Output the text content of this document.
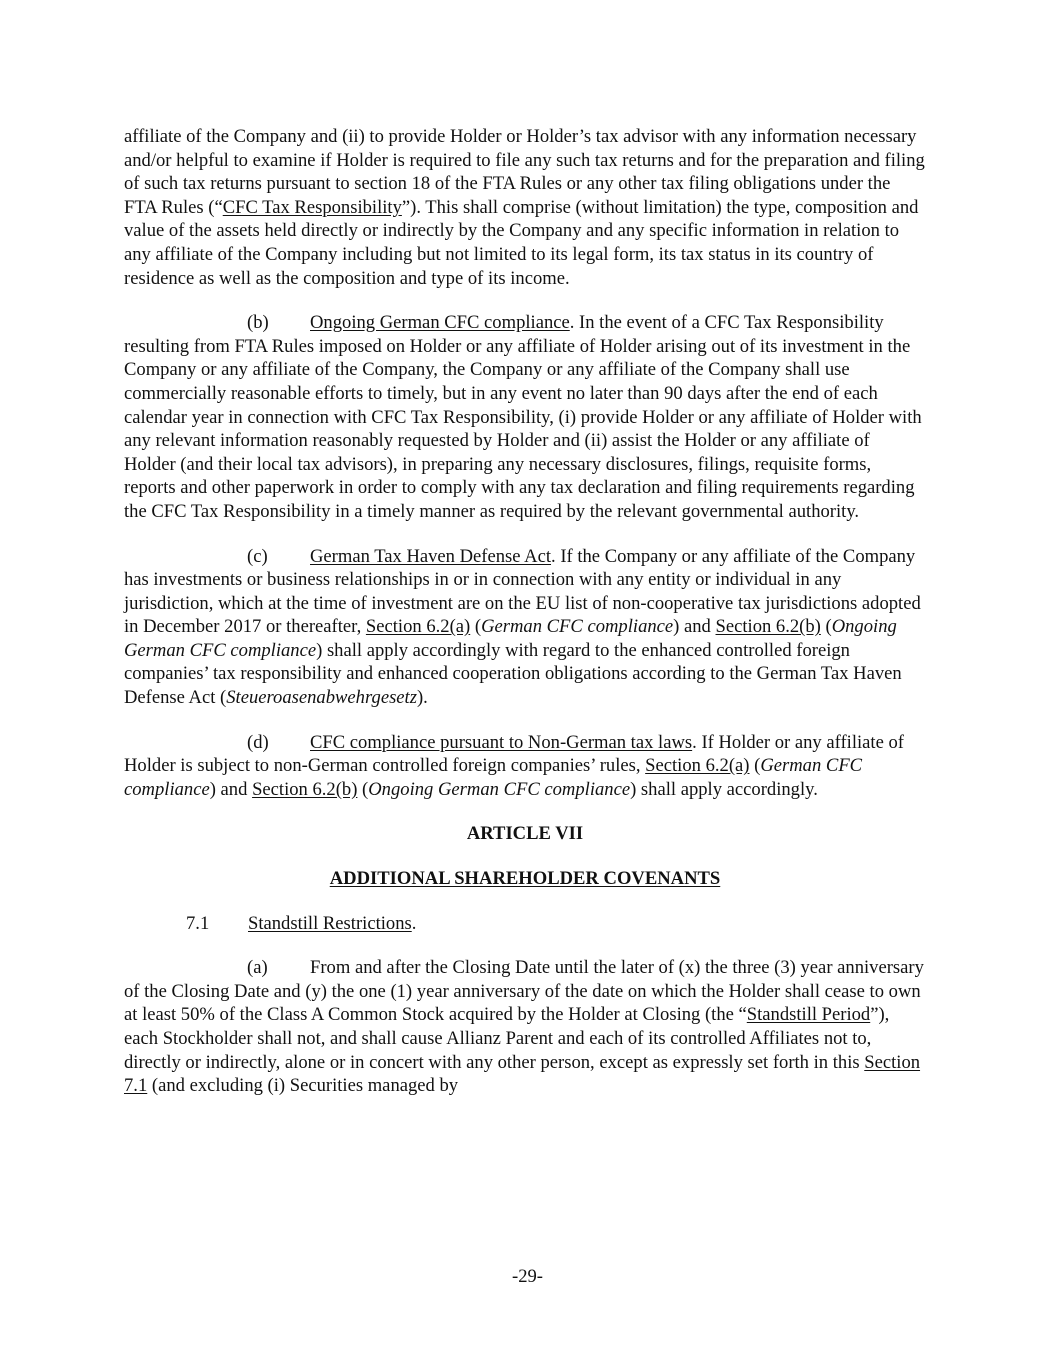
affiliate of the Company and (ii) to provide Holder or Holder’s tax advisor with any information necessary and/or helpful to examine if Holder is required to file any such tax returns and for the preparation and filing of such tax returns pursuant to section 18 of the FTA Rules or any other tax filing obligations under the FTA Rules (“CFC Tax Responsibility”). This shall comprise (without limitation) the type, composition and value of the assets held directly or indirectly by the Company and any specific information in relation to any affiliate of the Company including but not limited to its legal form, its tax status in its country of residence as well as the composition and type of its income.

(b) Ongoing German CFC compliance. In the event of a CFC Tax Responsibility resulting from FTA Rules imposed on Holder or any affiliate of Holder arising out of its investment in the Company or any affiliate of the Company, the Company or any affiliate of the Company shall use commercially reasonable efforts to timely, but in any event no later than 90 days after the end of each calendar year in connection with CFC Tax Responsibility, (i) provide Holder or any affiliate of Holder with any relevant information reasonably requested by Holder and (ii) assist the Holder or any affiliate of Holder (and their local tax advisors), in preparing any necessary disclosures, filings, requisite forms, reports and other paperwork in order to comply with any tax declaration and filing requirements regarding the CFC Tax Responsibility in a timely manner as required by the relevant governmental authority.

(c) German Tax Haven Defense Act. If the Company or any affiliate of the Company has investments or business relationships in or in connection with any entity or individual in any jurisdiction, which at the time of investment are on the EU list of non-cooperative tax jurisdictions adopted in December 2017 or thereafter, Section 6.2(a) (German CFC compliance) and Section 6.2(b) (Ongoing German CFC compliance) shall apply accordingly with regard to the enhanced controlled foreign companies’ tax responsibility and enhanced cooperation obligations according to the German Tax Haven Defense Act (Steueroasenabwehrgesetz).

(d) CFC compliance pursuant to Non-German tax laws. If Holder or any affiliate of Holder is subject to non-German controlled foreign companies’ rules, Section 6.2(a) (German CFC compliance) and Section 6.2(b) (Ongoing German CFC compliance) shall apply accordingly.

ARTICLE VII

ADDITIONAL SHAREHOLDER COVENANTS

7.1 Standstill Restrictions.

(a) From and after the Closing Date until the later of (x) the three (3) year anniversary of the Closing Date and (y) the one (1) year anniversary of the date on which the Holder shall cease to own at least 50% of the Class A Common Stock acquired by the Holder at Closing (the “Standstill Period”), each Stockholder shall not, and shall cause Allianz Parent and each of its controlled Affiliates not to, directly or indirectly, alone or in concert with any other person, except as expressly set forth in this Section 7.1 (and excluding (i) Securities managed by

-29-
